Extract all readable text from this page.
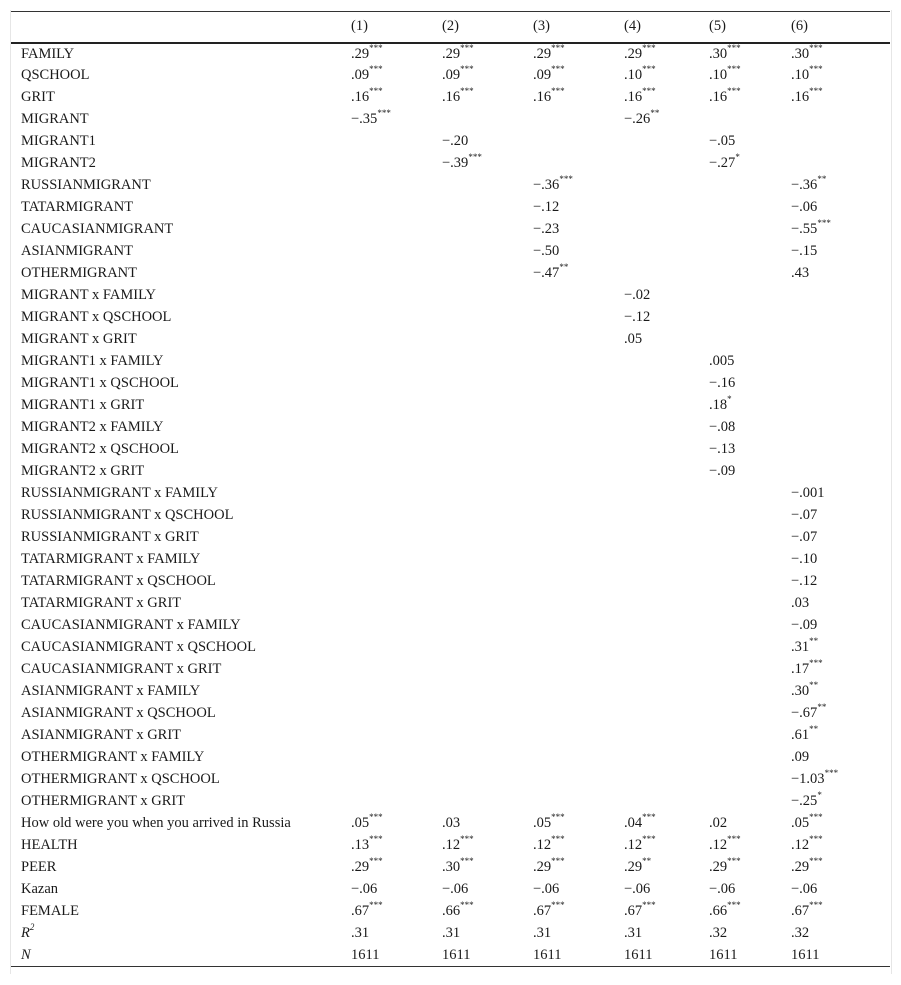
	(1)	(2)	(3)	(4)	(5)	(6)
FAMILY	.29***	.29***	.29***	.29***	.30***	.30***
QSCHOOL	.09***	.09***	.09***	.10***	.10***	.10***
GRIT	.16***	.16***	.16***	.16***	.16***	.16***
MIGRANT	−.35***			−.26**		
MIGRANT1		−.20			−.05	
MIGRANT2		−.39***			−.27*	
RUSSIANMIGRANT			−.36***			−.36**
TATARMIGRANT			−.12			−.06
CAUCASIANMIGRANT			−.23			−.55***
ASIANMIGRANT			−.50			−.15
OTHERMIGRANT			−.47**			.43
MIGRANT x FAMILY				−.02		
MIGRANT x QSCHOOL				−.12		
MIGRANT x GRIT				.05		
MIGRANT1 x FAMILY					.005	
MIGRANT1 x QSCHOOL					−.16	
MIGRANT1 x GRIT					.18*	
MIGRANT2 x FAMILY					−.08	
MIGRANT2 x QSCHOOL					−.13	
MIGRANT2 x GRIT					−.09	
RUSSIANMIGRANT x FAMILY						−.001
RUSSIANMIGRANT x QSCHOOL						−.07
RUSSIANMIGRANT x GRIT						−.07
TATARMIGRANT x FAMILY						−.10
TATARMIGRANT x QSCHOOL						−.12
TATARMIGRANT x GRIT						.03
CAUCASIANMIGRANT x FAMILY						−.09
CAUCASIANMIGRANT x QSCHOOL						.31**
CAUCASIANMIGRANT x GRIT						.17***
ASIANMIGRANT x FAMILY						.30**
ASIANMIGRANT x QSCHOOL						−.67**
ASIANMIGRANT x GRIT						.61**
OTHERMIGRANT x FAMILY						.09
OTHERMIGRANT x QSCHOOL						−1.03***
OTHERMIGRANT x GRIT						−.25*
How old were you when you arrived in Russia	.05***	.03	.05***	.04***	.02	.05***
HEALTH	.13***	.12***	.12***	.12***	.12***	.12***
PEER	.29***	.30***	.29***	.29**	.29***	.29***
Kazan	−.06	−.06	−.06	−.06	−.06	−.06
FEMALE	.67***	.66***	.67***	.67***	.66***	.67***
$R^2$	.31	.31	.31	.31	.32	.32
N	1611	1611	1611	1611	1611	1611
